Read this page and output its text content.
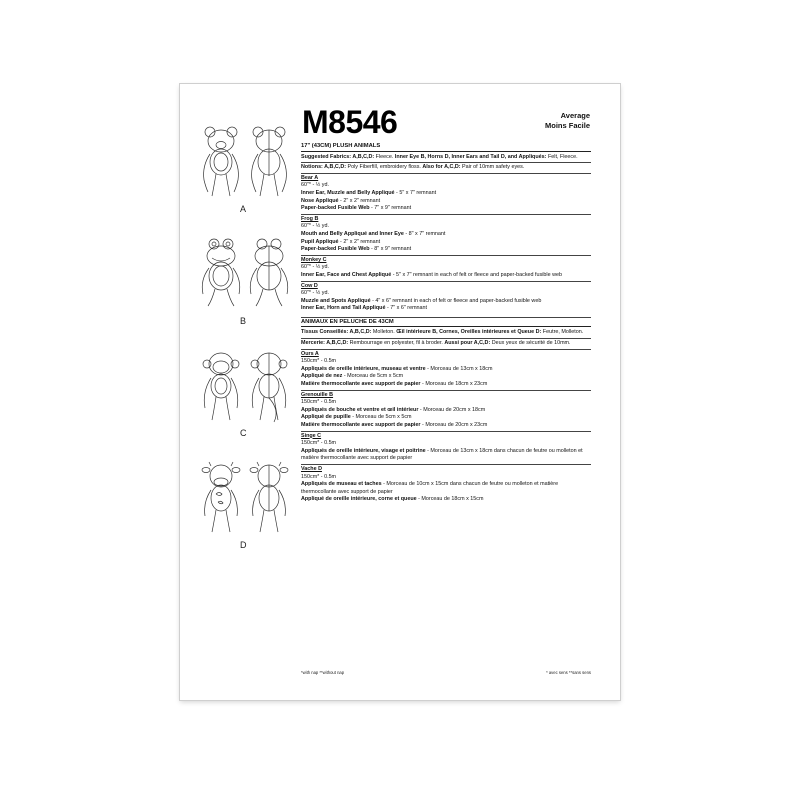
A
B
C
D
M8546	Average
Moins Facile
17" (43CM) PLUSH ANIMALS
Suggested Fabrics: A,B,C,D: Fleece. Inner Eye B, Horns D, Inner Ears and Tail D, and Appliqués: Felt, Fleece.
Notions: A,B,C,D: Poly Fiberfill, embroidery floss. Also for A,C,D: Pair of 10mm safety eyes.
Bear A
60"* - ½ yd.
Inner Ear, Muzzle and Belly Appliqué - 5" x 7" remnant
Nose Appliqué - 2" x 2" remnant
Paper-backed Fusible Web - 7" x 9" remnant
Frog B
60"* - ½ yd.
Mouth and Belly Appliqué and Inner Eye - 8" x 7" remnant
Pupil Appliqué - 2" x 2" remnant
Paper-backed Fusible Web - 8" x 9" remnant
Monkey C
60"* - ½ yd.
Inner Ear, Face and Chest Appliqué - 5" x 7" remnant in each of felt or fleece and paper-backed fusible web
Cow D
60"* - ½ yd.
Muzzle and Spots Appliqué - 4" x 6" remnant in each of felt or fleece and paper-backed fusible web
Inner Ear, Horn and Tail Appliqué - 7" x 6" remnant
ANIMAUX EN PELUCHE DE 43CM
Tissus Conseillés: A,B,C,D: Molleton. Œil intérieure B, Cornes, Oreilles intérieures et Queue D: Feutre, Molleton.
Mercerie: A,B,C,D: Rembourrage en polyester, fil à broder. Aussi pour A,C,D: Deux yeux de sécurité de 10mm.
Ours A
150cm* - 0.5m
Appliqués de oreille intérieure, museau et ventre - Morceau de 13cm x 18cm
Appliqué de nez - Morceau de 5cm x 5cm
Matière thermocollante avec support de papier - Morceau de 18cm x 23cm
Grenouille B
150cm* - 0.5m
Appliqués de bouche et ventre et œil intérieur - Morceau de 20cm x 18cm
Appliqué de pupille - Morceau de 5cm x 5cm
Matière thermocollante avec support de papier - Morceau de 20cm x 23cm
Singe C
150cm* - 0.5m
Appliqués de oreille intérieure, visage et poitrine - Morceau de 13cm x 18cm dans chacun de feutre ou molleton et matière thermocollante avec support de papier
Vache D
150cm* - 0.5m
Appliqués de museau et taches - Morceau de 10cm x 15cm dans chacun de feutre ou molleton et matière thermocollante avec support de papier
Appliqué de oreille intérieure, corne et queue - Morceau de 18cm x 15cm
*with nap **without nap	* avec sens **sans sens
